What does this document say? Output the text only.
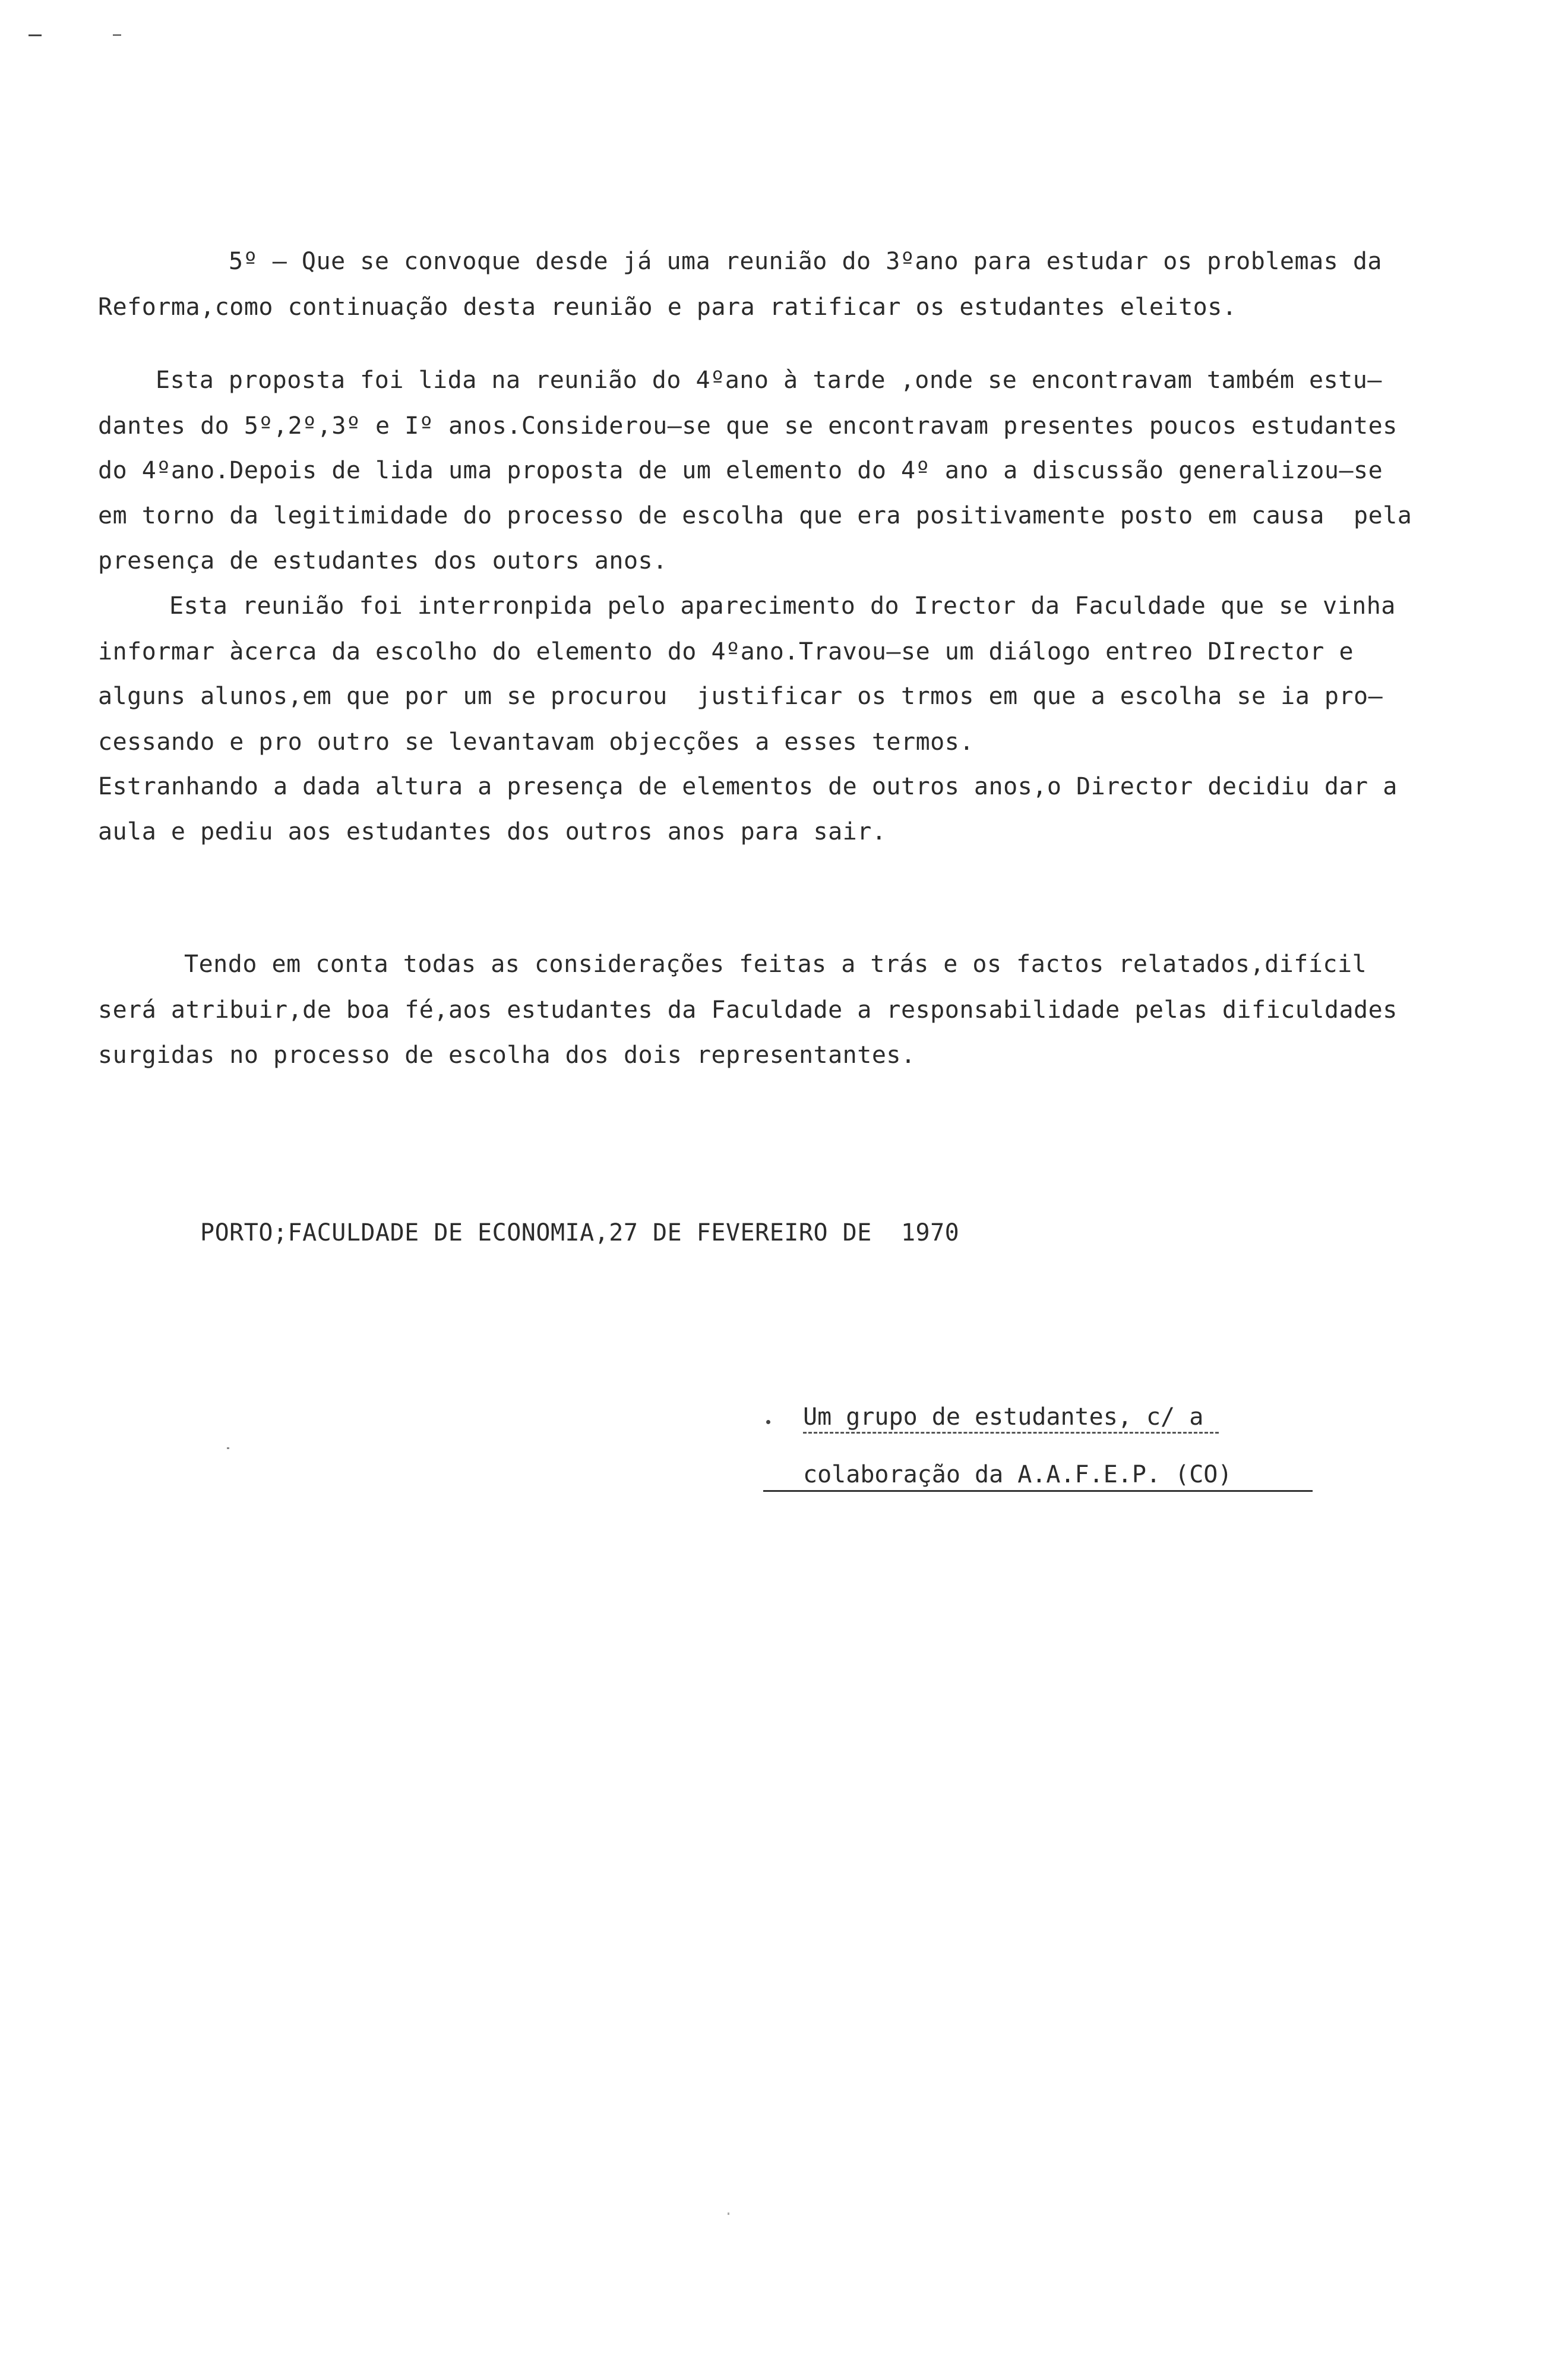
5º – Que se convoque desde já uma reunião do 3ºano para estudar os problemas da

Reforma,como continuação desta reunião e para ratificar os estudantes eleitos.

Esta proposta foi lida na reunião do 4ºano à tarde ,onde se encontravam também estu–

dantes do 5º,2º,3º e Iº anos.Considerou–se que se encontravam presentes poucos estudantes

do 4ºano.Depois de lida uma proposta de um elemento do 4º ano a discussão generalizou–se

em torno da legitimidade do processo de escolha que era positivamente posto em causa  pela

presença de estudantes dos outors anos.

Esta reunião foi interronpida pelo aparecimento do Irector da Faculdade que se vinha

informar àcerca da escolho do elemento do 4ºano.Travou–se um diálogo entreo DIrector e

alguns alunos,em que por um se procurou  justificar os trmos em que a escolha se ia pro–

cessando e pro outro se levantavam objecções a esses termos.

Estranhando a dada altura a presença de elementos de outros anos,o Director decidiu dar a

aula e pediu aos estudantes dos outros anos para sair.

Tendo em conta todas as considerações feitas a trás e os factos relatados,difícil

será atribuir,de boa fé,aos estudantes da Faculdade a responsabilidade pelas dificuldades

surgidas no processo de escolha dos dois representantes.

PORTO;FACULDADE DE ECONOMIA,27 DE FEVEREIRO DE  1970

Um grupo de estudantes, c/ a

colaboração da A.A.F.E.P. (CO)
